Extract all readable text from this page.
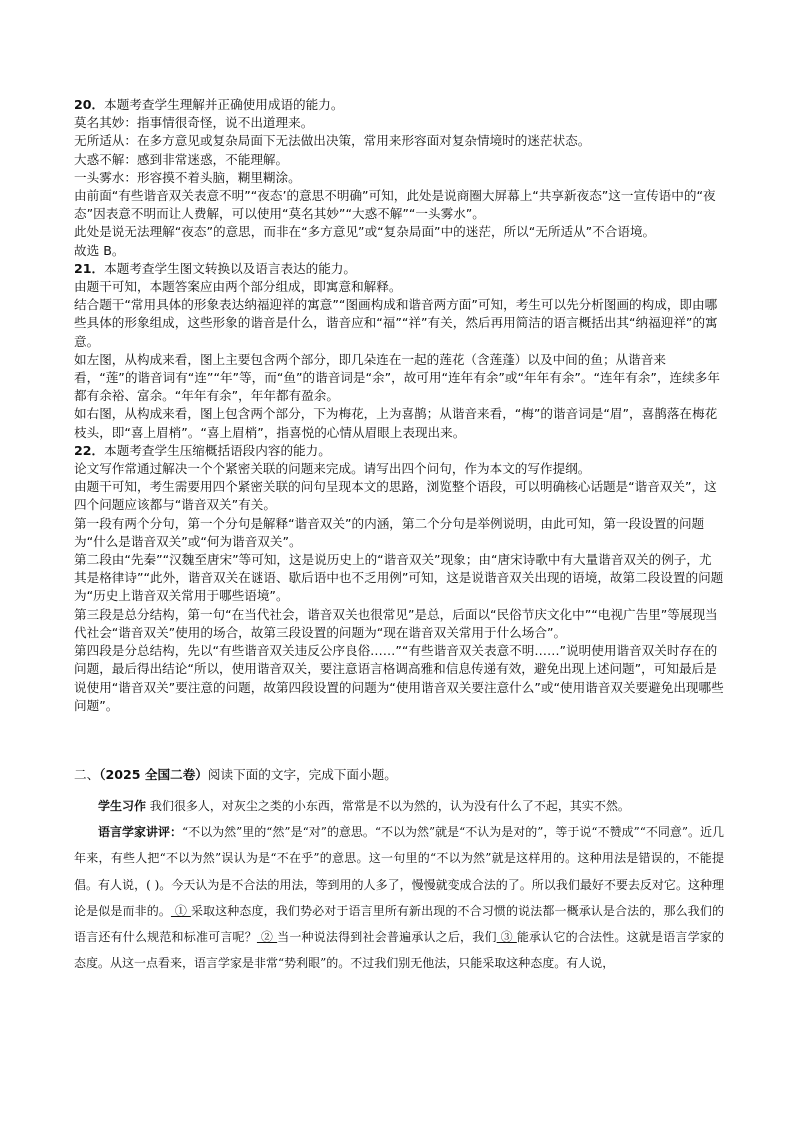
20．本题考查学生理解并正确使用成语的能力。

莫名其妙：指事情很奇怪，说不出道理来。

无所适从：在多方意见或复杂局面下无法做出决策，常用来形容面对复杂情境时的迷茫状态。

大惑不解：感到非常迷惑，不能理解。

一头雾水：形容摸不着头脑，糊里糊涂。

由前面“有些谐音双关表意不明”“夜态’的意思不明确”可知，此处是说商圈大屏幕上“共享新夜态”这一宣传语中的“夜态”因表意不明而让人费解，可以使用“莫名其妙”“大惑不解”“一头雾水”。

此处是说无法理解“夜态”的意思，而非在“多方意见”或“复杂局面”中的迷茫，所以“无所适从”不合语境。

故选 B。

21．本题考查学生图文转换以及语言表达的能力。

由题干可知，本题答案应由两个部分组成，即寓意和解释。

结合题干“常用具体的形象表达纳福迎祥的寓意”“图画构成和谐音两方面”可知，考生可以先分析图画的构成，即由哪些具体的形象组成，这些形象的谐音是什么，谐音应和“福”“祥”有关，然后再用简洁的语言概括出其“纳福迎祥”的寓意。

如左图，从构成来看，图上主要包含两个部分，即几朵连在一起的莲花（含莲蓬）以及中间的鱼；从谐音来看，“莲”的谐音词有“连”“年”等，而“鱼”的谐音词是“余”，故可用“连年有余”或“年年有余”。“连年有余”，连续多年都有余裕、富余。“年年有余”，年年都有盈余。

如右图，从构成来看，图上包含两个部分，下为梅花，上为喜鹊；从谐音来看，“梅”的谐音词是“眉”，喜鹊落在梅花枝头，即“喜上眉梢”。“喜上眉梢”，指喜悦的心情从眉眼上表现出来。

22．本题考查学生压缩概括语段内容的能力。

论文写作常通过解决一个个紧密关联的问题来完成。请写出四个问句，作为本文的写作提纲。

由题干可知，考生需要用四个紧密关联的问句呈现本文的思路，浏览整个语段，可以明确核心话题是“谐音双关”，这四个问题应该都与“谐音双关”有关。

第一段有两个分句，第一个分句是解释“谐音双关”的内涵，第二个分句是举例说明，由此可知，第一段设置的问题为“什么是谐音双关”或“何为谐音双关”。

第二段由“先秦”“汉魏至唐宋”等可知，这是说历史上的“谐音双关”现象；由“唐宋诗歌中有大量谐音双关的例子，尤其是格律诗”“此外，谐音双关在谜语、歇后语中也不乏用例”可知，这是说谐音双关出现的语境，故第二段设置的问题为“历史上谐音双关常用于哪些语境”。

第三段是总分结构，第一句“在当代社会，谐音双关也很常见”是总，后面以“民俗节庆文化中”“电视广告里”等展现当代社会“谐音双关”使用的场合，故第三段设置的问题为“现在谐音双关常用于什么场合”。

第四段是分总结构，先以“有些谐音双关违反公序良俗……”“有些谐音双关表意不明……”说明使用谐音双关时存在的问题，最后得出结论“所以，使用谐音双关，要注意语言格调高雅和信息传递有效，避免出现上述问题”，可知最后是说使用“谐音双关”要注意的问题，故第四段设置的问题为“使用谐音双关要注意什么”或“使用谐音双关要避免出现哪些问题”。

二、（2025 全国二卷）阅读下面的文字，完成下面小题。

学生习作 我们很多人，对灰尘之类的小东西，常常是不以为然的，认为没有什么了不起，其实不然。

语言学家讲评：“不以为然”里的“然”是“对”的意思。“不以为然”就是“不认为是对的”，等于说“不赞成”“不同意”。近几年来，有些人把“不以为然”误认为是“不在乎”的意思。这一句里的“不以为然”就是这样用的。这种用法是错误的，不能提倡。有人说，( )。今天认为是不合法的用法，等到用的人多了，慢慢就变成合法的了。所以我们最好不要去反对它。这种理论是似是而非的。 ① 采取这种态度，我们势必对于语言里所有新出现的不合习惯的说法都一概承认是合法的，那么我们的语言还有什么规范和标准可言呢？ ② 当一种说法得到社会普遍承认之后，我们 ③ 能承认它的合法性。这就是语言学家的态度。从这一点看来，语言学家是非常“势利眼”的。不过我们别无他法，只能采取这种态度。有人说，
